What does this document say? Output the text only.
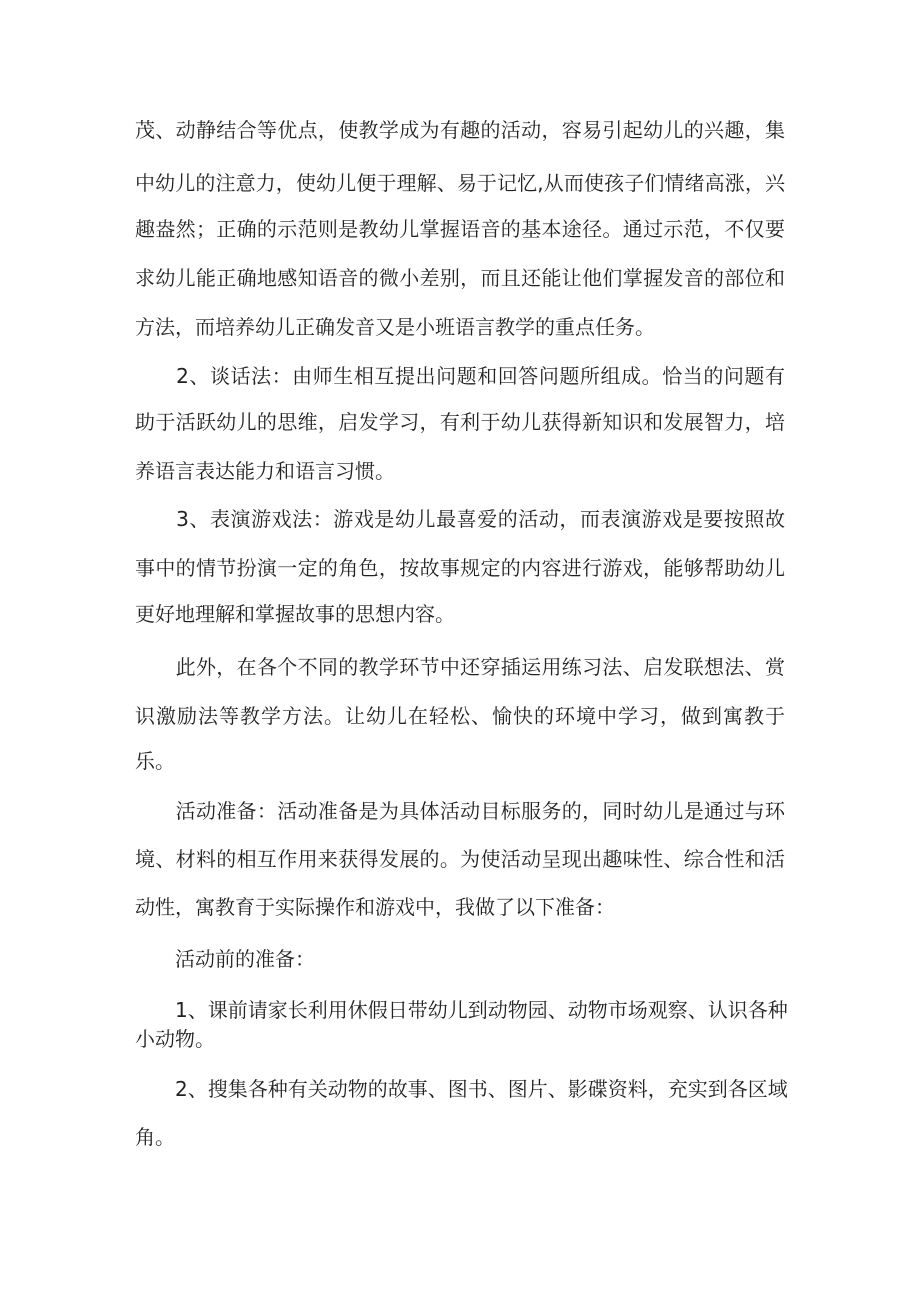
茂、动静结合等优点，使教学成为有趣的活动，容易引起幼儿的兴趣，集
中幼儿的注意力，使幼儿便于理解、易于记忆,从而使孩子们情绪高涨，兴
趣盎然；正确的示范则是教幼儿掌握语音的基本途径。通过示范，不仅要
求幼儿能正确地感知语音的微小差别，而且还能让他们掌握发音的部位和
方法，而培养幼儿正确发音又是小班语言教学的重点任务。
　　2、谈话法：由师生相互提出问题和回答问题所组成。恰当的问题有
助于活跃幼儿的思维，启发学习，有利于幼儿获得新知识和发展智力，培
养语言表达能力和语言习惯。
　　3、表演游戏法：游戏是幼儿最喜爱的活动，而表演游戏是要按照故
事中的情节扮演一定的角色，按故事规定的内容进行游戏，能够帮助幼儿
更好地理解和掌握故事的思想内容。
　　此外，在各个不同的教学环节中还穿插运用练习法、启发联想法、赏
识激励法等教学方法。让幼儿在轻松、愉快的环境中学习，做到寓教于
乐。
　　活动准备：活动准备是为具体活动目标服务的，同时幼儿是通过与环
境、材料的相互作用来获得发展的。为使活动呈现出趣味性、综合性和活
动性，寓教育于实际操作和游戏中，我做了以下准备：
　　活动前的准备：
　　1、课前请家长利用休假日带幼儿到动物园、动物市场观察、认识各种
小动物。
　　2、搜集各种有关动物的故事、图书、图片、影碟资料，充实到各区域
角。
